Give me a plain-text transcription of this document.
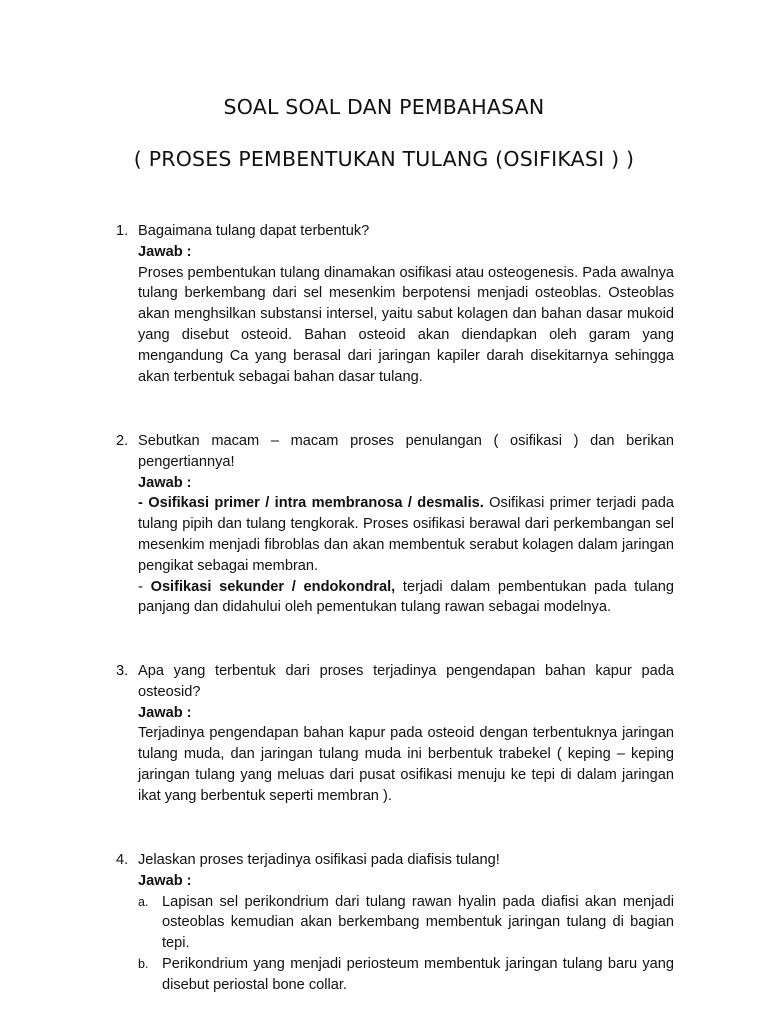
SOAL SOAL DAN PEMBAHASAN
( PROSES PEMBENTUKAN TULANG (OSIFIKASI ) )
1. Bagaimana tulang dapat terbentuk?

Jawab :

Proses pembentukan tulang dinamakan osifikasi atau osteogenesis. Pada awalnya tulang berkembang dari sel mesenkim berpotensi menjadi osteoblas. Osteoblas akan menghsilkan substansi intersel, yaitu sabut kolagen dan bahan dasar mukoid yang disebut osteoid. Bahan osteoid akan diendapkan oleh garam yang mengandung Ca yang berasal dari jaringan kapiler darah disekitarnya sehingga akan terbentuk sebagai bahan dasar tulang.

2. Sebutkan macam – macam proses penulangan ( osifikasi ) dan berikan pengertiannya!

Jawab :

- Osifikasi primer / intra membranosa / desmalis. Osifikasi primer terjadi pada tulang pipih dan tulang tengkorak. Proses osifikasi berawal dari perkembangan sel mesenkim menjadi fibroblas dan akan membentuk serabut kolagen dalam jaringan pengikat sebagai membran.

- Osifikasi sekunder / endokondral, terjadi dalam pembentukan pada tulang panjang dan didahului oleh pementukan tulang rawan sebagai modelnya.

3. Apa yang terbentuk dari proses terjadinya pengendapan bahan kapur pada osteosid?

Jawab :

Terjadinya pengendapan bahan kapur pada osteoid dengan terbentuknya jaringan tulang muda, dan jaringan tulang muda ini berbentuk trabekel ( keping – keping jaringan tulang yang meluas dari pusat osifikasi menuju ke tepi di dalam jaringan ikat yang berbentuk seperti membran ).

4. Jelaskan proses terjadinya osifikasi pada diafisis tulang!

Jawab :

a. Lapisan sel perikondrium dari tulang rawan hyalin pada diafisi akan menjadi osteoblas kemudian akan berkembang membentuk jaringan tulang di bagian tepi.
b. Perikondrium yang menjadi periosteum membentuk jaringan tulang baru yang disebut periostal bone collar.
